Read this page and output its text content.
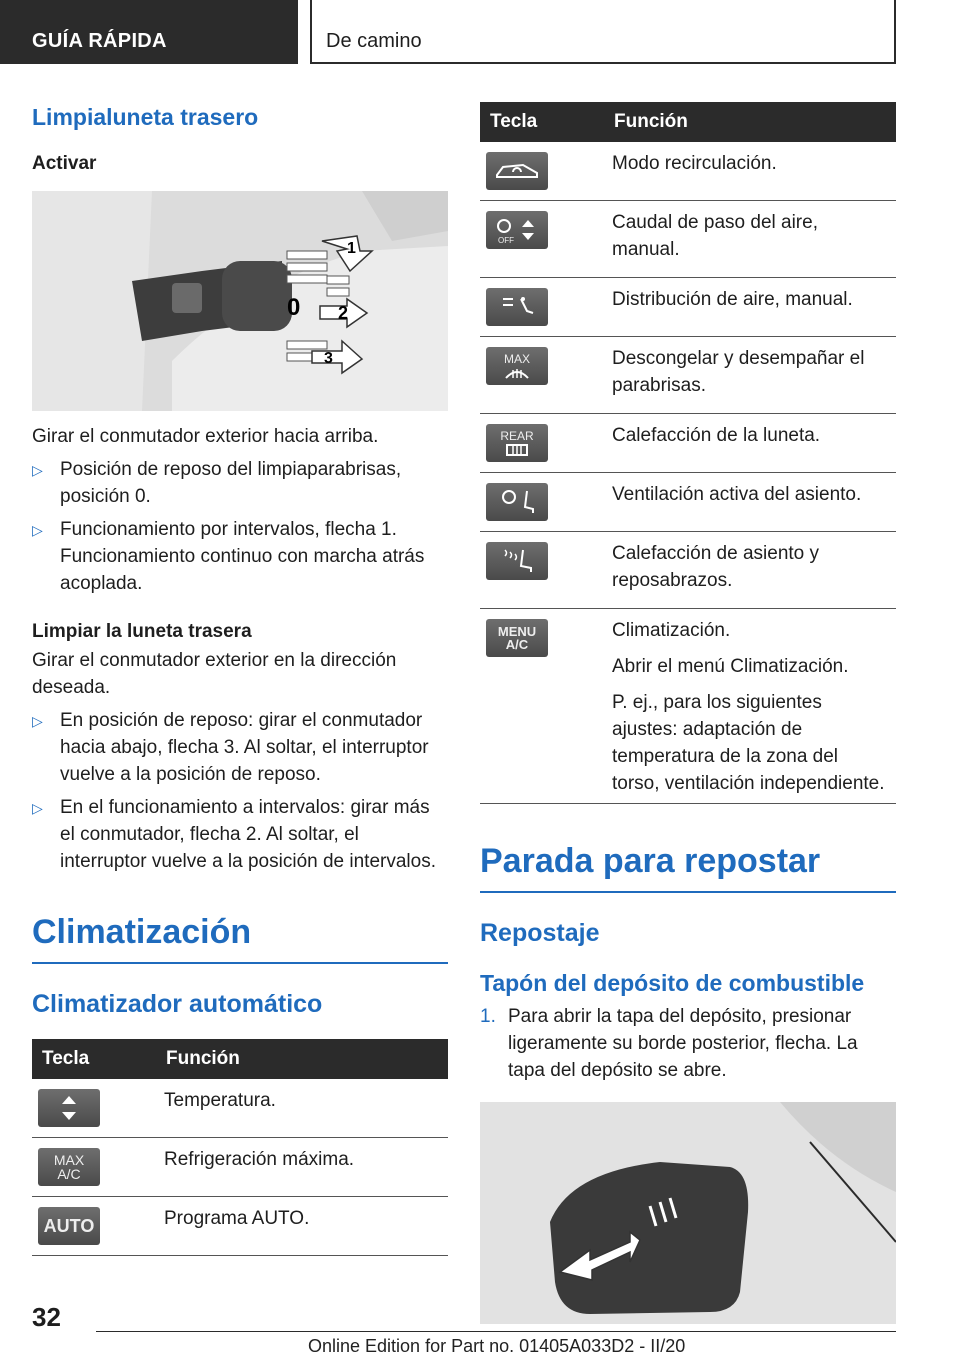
GUÍA RÁPIDA	De camino
Limpialuneta trasero
Activar
1
0 2
3
Girar el conmutador exterior hacia arriba.
▷ Posición de reposo del limpiaparabrisas, posición 0.
▷ Funcionamiento por intervalos, flecha 1. Funcionamiento continuo con marcha atrás acoplada.
Limpiar la luneta trasera
Girar el conmutador exterior en la dirección deseada.
▷ En posición de reposo: girar el conmutador hacia abajo, flecha 3. Al soltar, el interruptor vuelve a la posición de reposo.
▷ En el funcionamiento a intervalos: girar más el conmutador, flecha 2. Al soltar, el interruptor vuelve a la posición de intervalos.
Climatización
Climatizador automático
Tecla	Función

	Temperatura.

MAX A/C	Refrigeración máxima.

AUTO	Programa AUTO.
Tecla	Función

	Modo recirculación.

OFF	Caudal de paso del aire, manual.

	Distribución de aire, manual.

MAX	Descongelar y desempañar el parabrisas.

REAR	Calefacción de la luneta.

	Ventilación activa del asiento.

	Calefacción de asiento y reposabrazos.

MENU A/C	Climatización.
Abrir el menú Climatización.
P. ej., para los siguientes ajustes: adaptación de temperatura de la zona del torso, ventilación independiente.
Parada para repostar
Repostaje
Tapón del depósito de combustible
1. Para abrir la tapa del depósito, presionar ligeramente su borde posterior, flecha. La tapa del depósito se abre.
32
Online Edition for Part no. 01405A033D2 - II/20
